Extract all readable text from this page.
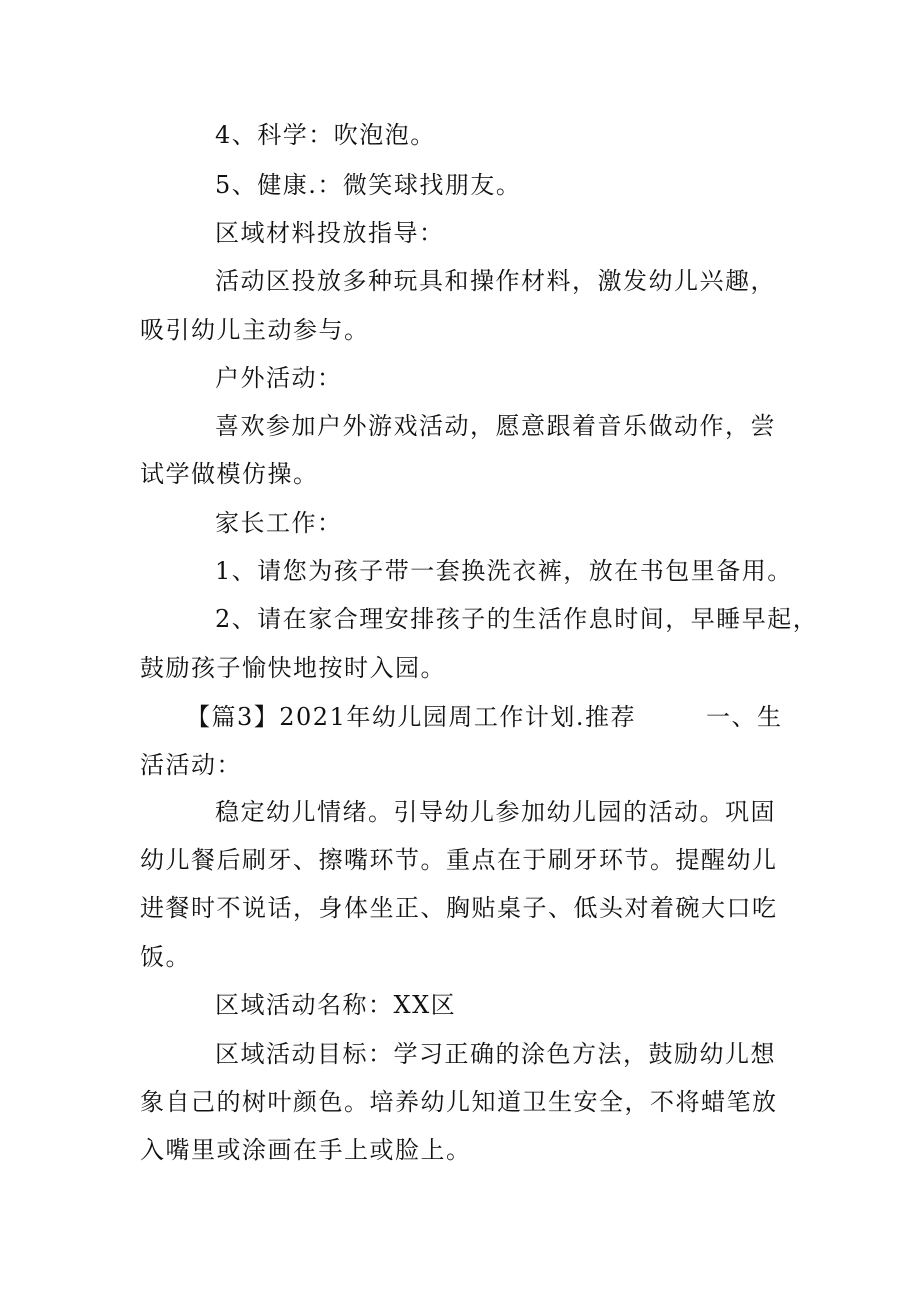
4、科学：吹泡泡。
5、健康.：微笑球找朋友。
区域材料投放指导：
活动区投放多种玩具和操作材料，激发幼儿兴趣，
吸引幼儿主动参与。
户外活动：
喜欢参加户外游戏活动，愿意跟着音乐做动作，尝
试学做模仿操。
家长工作：
1、请您为孩子带一套换洗衣裤，放在书包里备用。
2、请在家合理安排孩子的生活作息时间，早睡早起，
鼓励孩子愉快地按时入园。
【篇3】2021年幼儿园周工作计划.推荐	一、生
活活动：
稳定幼儿情绪。引导幼儿参加幼儿园的活动。巩固
幼儿餐后刷牙、擦嘴环节。重点在于刷牙环节。提醒幼儿
进餐时不说话，身体坐正、胸贴桌子、低头对着碗大口吃
饭。
区域活动名称：XX区
区域活动目标：学习正确的涂色方法，鼓励幼儿想
象自己的树叶颜色。培养幼儿知道卫生安全，不将蜡笔放
入嘴里或涂画在手上或脸上。
